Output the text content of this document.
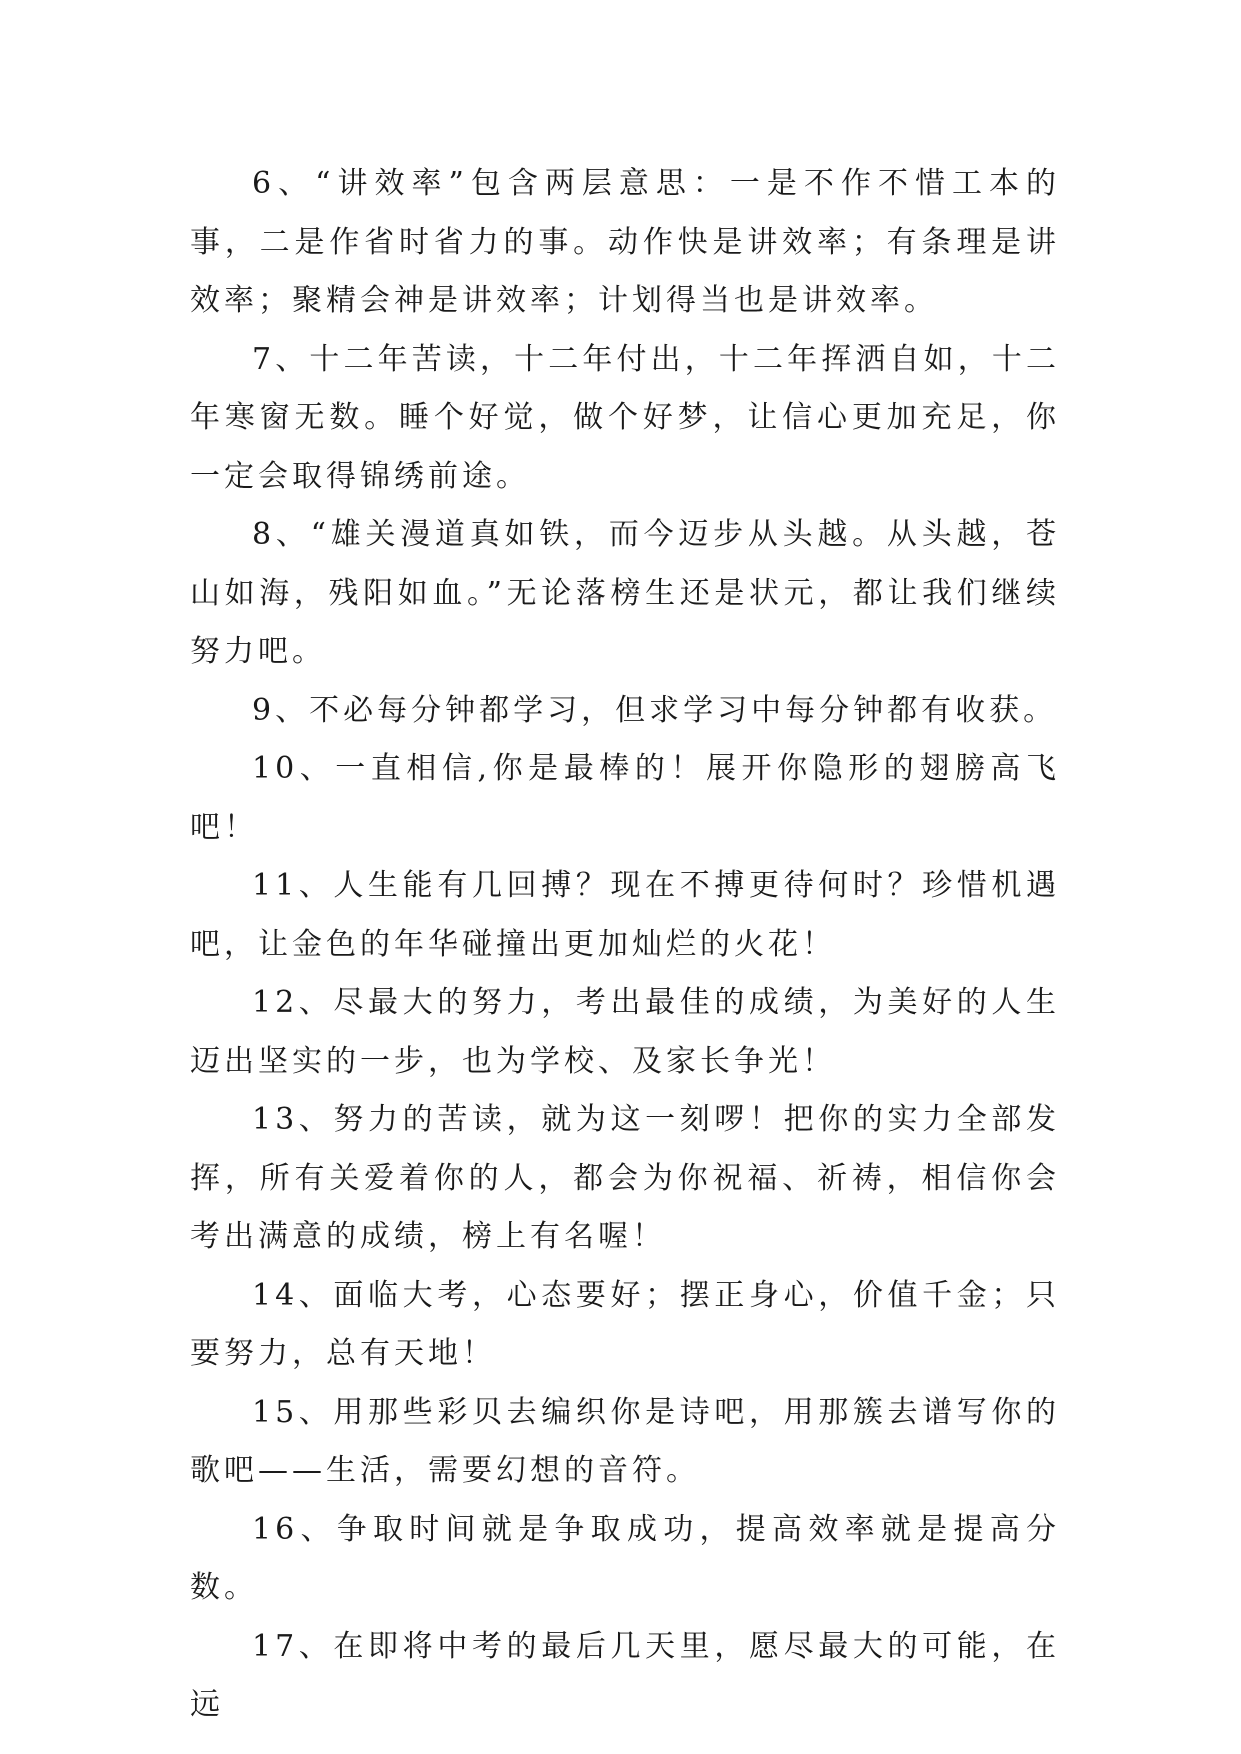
6、“讲效率”包含两层意思：一是不作不惜工本的事，二是作省时省力的事。动作快是讲效率；有条理是讲效率；聚精会神是讲效率；计划得当也是讲效率。

7、十二年苦读，十二年付出，十二年挥洒自如，十二年寒窗无数。睡个好觉，做个好梦，让信心更加充足，你一定会取得锦绣前途。

8、“雄关漫道真如铁，而今迈步从头越。从头越，苍山如海，残阳如血。”无论落榜生还是状元，都让我们继续努力吧。

9、不必每分钟都学习，但求学习中每分钟都有收获。

10、一直相信,你是最棒的！展开你隐形的翅膀高飞吧！

11、人生能有几回搏？现在不搏更待何时？珍惜机遇吧，让金色的年华碰撞出更加灿烂的火花！

12、尽最大的努力，考出最佳的成绩，为美好的人生迈出坚实的一步，也为学校、及家长争光！

13、努力的苦读，就为这一刻啰！把你的实力全部发挥，所有关爱着你的人，都会为你祝福、祈祷，相信你会考出满意的成绩，榜上有名喔！

14、面临大考，心态要好；摆正身心，价值千金；只要努力，总有天地！

15、用那些彩贝去编织你是诗吧，用那簇去谱写你的歌吧——生活，需要幻想的音符。

16、争取时间就是争取成功，提高效率就是提高分数。

17、在即将中考的最后几天里，愿尽最大的可能，在远
